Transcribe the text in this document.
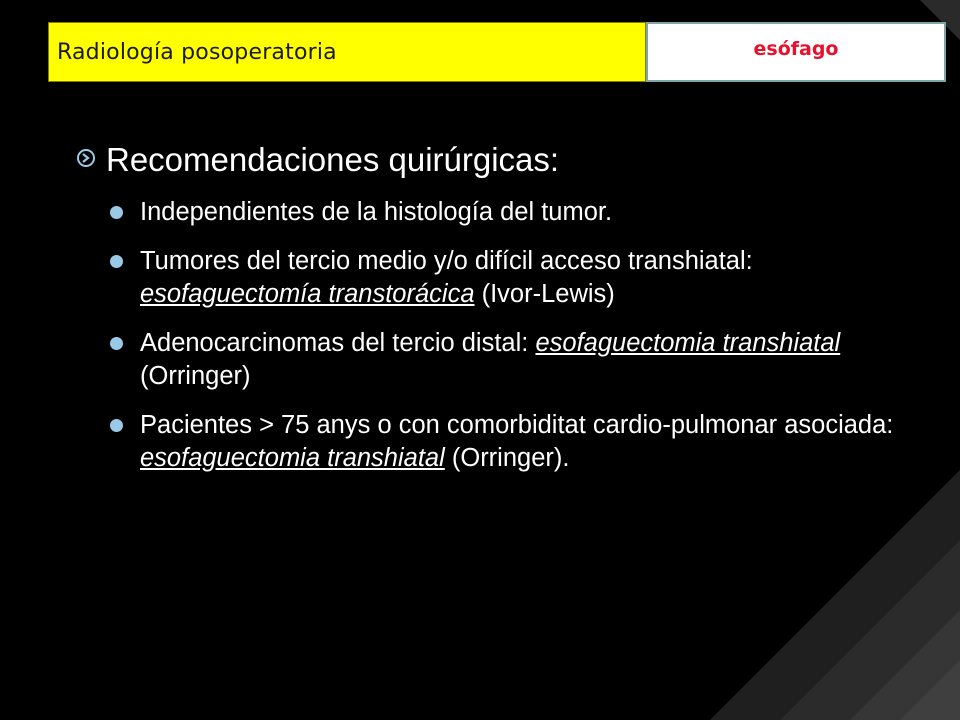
Radiología posoperatoria	esófago
Recomendaciones quirúrgicas:
Independientes de la histología del tumor.
Tumores del tercio medio y/o difícil acceso transhiatal: esofaguectomía transtorácica (Ivor-Lewis)
Adenocarcinomas del tercio distal: esofaguectomia transhiatal (Orringer)
Pacientes > 75 anys o con comorbiditat cardio-pulmonar asociada: esofaguectomia transhiatal (Orringer).
